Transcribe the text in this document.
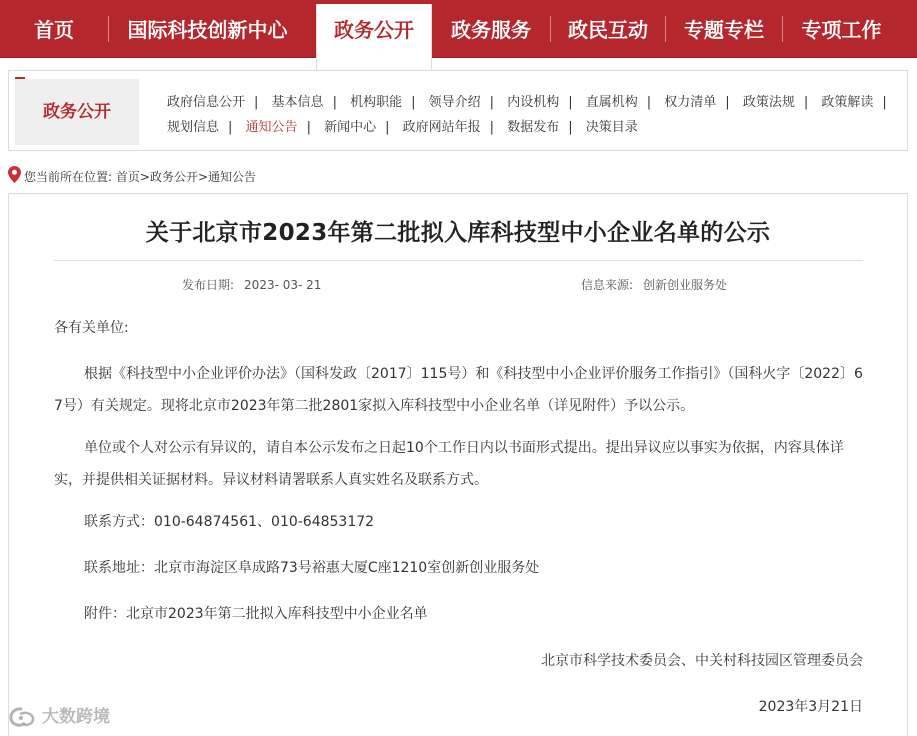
首页	国际科技创新中心	政务公开	政务服务	政民互动	专题专栏	专项工作
政务公开	政府信息公开 | 基本信息 | 机构职能 | 领导介绍 | 内设机构 | 直属机构 | 权力清单 | 政策法规 | 政策解读 |
规划信息 | 通知公告 | 新闻中心 | 政府网站年报 | 数据发布 | 决策目录
您当前所在位置: 首页>政务公开>通知公告
关于北京市2023年第二批拟入库科技型中小企业名单的公示
发布日期: 2023- 03- 21	信息来源: 创新创业服务处
各有关单位:
根据《科技型中小企业评价办法》（国科发政〔2017〕115号）和《科技型中小企业评价服务工作指引》（国科火字〔2022〕67号）有关规定。现将北京市2023年第二批2801家拟入库科技型中小企业名单（详见附件）予以公示。
单位或个人对公示有异议的，请自本公示发布之日起10个工作日内以书面形式提出。提出异议应以事实为依据，内容具体详实，并提供相关证据材料。异议材料请署联系人真实姓名及联系方式。
联系方式：010-64874561、010-64853172
联系地址：北京市海淀区阜成路73号裕惠大厦C座1210室创新创业服务处
附件：北京市2023年第二批拟入库科技型中小企业名单
北京市科学技术委员会、中关村科技园区管理委员会
2023年3月21日
大数跨境
